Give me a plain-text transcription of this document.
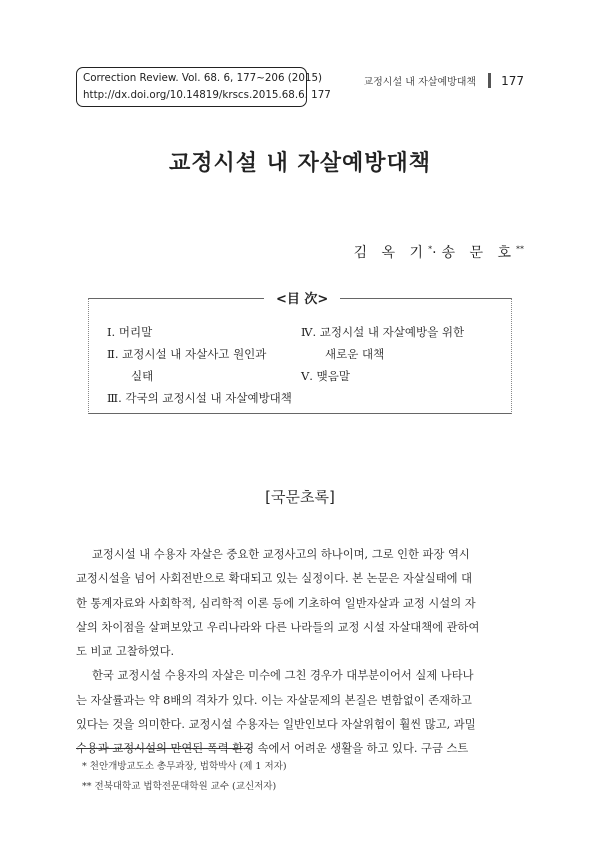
Correction Review. Vol. 68. 6, 177~206 (2015)
http://dx.doi.org/10.14819/krscs.2015.68.6. 177
교정시설 내 자살예방대책 177
교정시설 내 자살예방대책
김 옥 기*·송 문 호**
<目 次>
Ⅰ. 머리말
Ⅱ. 교정시설 내 자살사고 원인과
실태
Ⅲ. 각국의 교정시설 내 자살예방대책
Ⅳ. 교정시설 내 자살예방을 위한
새로운 대책
Ⅴ. 맺음말
[국문초록]
교정시설 내 수용자 자살은 중요한 교정사고의 하나이며, 그로 인한 파장 역시
교정시설을 넘어 사회전반으로 확대되고 있는 실정이다. 본 논문은 자살실태에 대
한 통계자료와 사회학적, 심리학적 이론 등에 기초하여 일반자살과 교정 시설의 자
살의 차이점을 살펴보았고 우리나라와 다른 나라들의 교정 시설 자살대책에 관하여
도 비교 고찰하였다.
한국 교정시설 수용자의 자살은 미수에 그친 경우가 대부분이어서 실제 나타나
는 자살률과는 약 8배의 격차가 있다. 이는 자살문제의 본질은 변함없이 존재하고
있다는 것을 의미한다. 교정시설 수용자는 일반인보다 자살위험이 훨씬 많고, 과밀
수용과 교정시설의 만연된 폭력 환경 속에서 어려운 생활을 하고 있다. 구금 스트
* 천안개방교도소 총무과장, 법학박사 (제 1 저자)
** 전북대학교 법학전문대학원 교수 (교신저자)
